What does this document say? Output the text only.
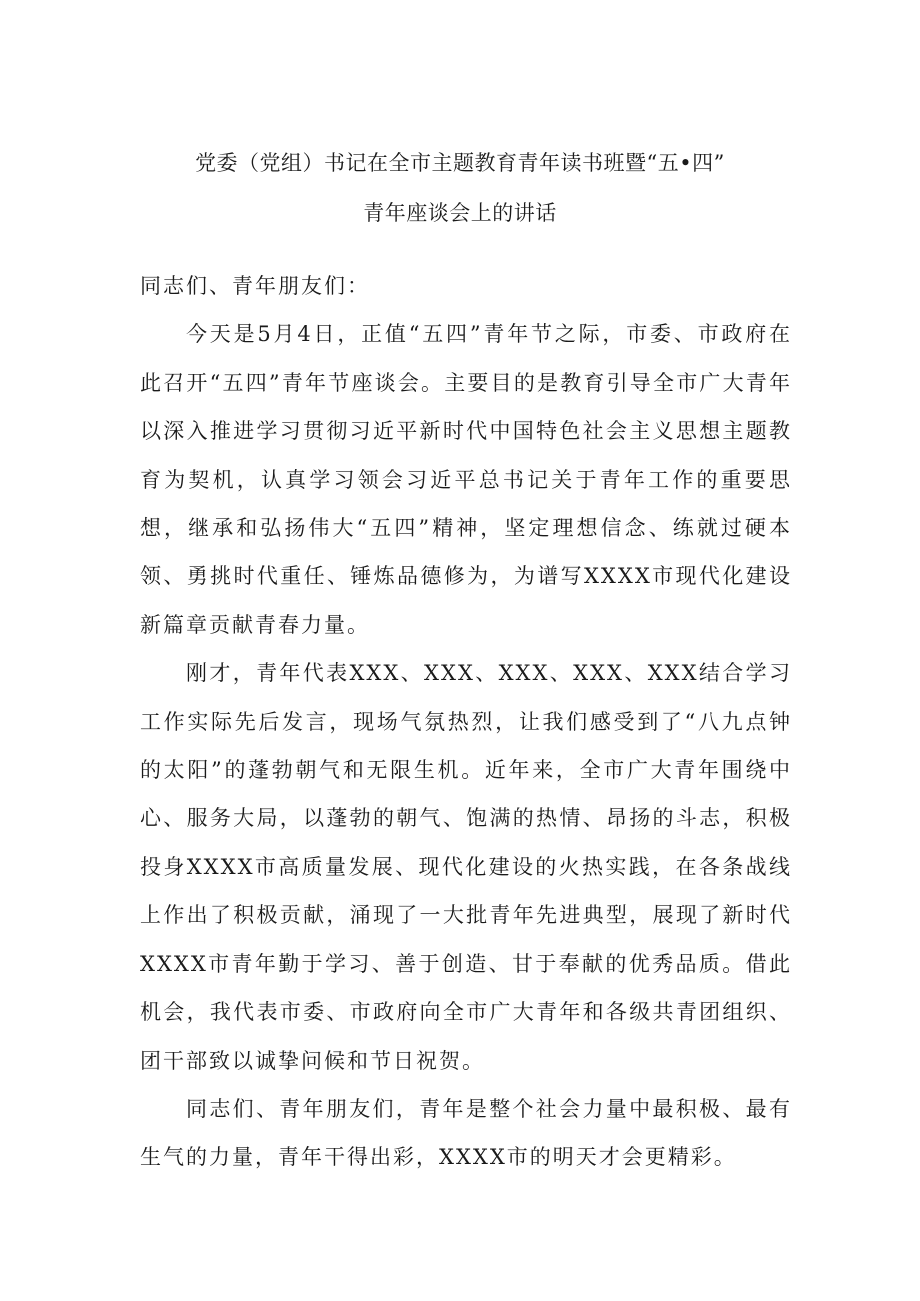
党委（党组）书记在全市主题教育青年读书班暨“五•四”
青年座谈会上的讲话

同志们、青年朋友们：

今天是5月4日，正值“五四”青年节之际，市委、市政府在此召开“五四”青年节座谈会。主要目的是教育引导全市广大青年以深入推进学习贯彻习近平新时代中国特色社会主义思想主题教育为契机，认真学习领会习近平总书记关于青年工作的重要思想，继承和弘扬伟大“五四”精神，坚定理想信念、练就过硬本领、勇挑时代重任、锤炼品德修为，为谱写XXXX市现代化建设新篇章贡献青春力量。

刚才，青年代表XXX、XXX、XXX、XXX、XXX结合学习工作实际先后发言，现场气氛热烈，让我们感受到了“八九点钟的太阳”的蓬勃朝气和无限生机。近年来，全市广大青年围绕中心、服务大局，以蓬勃的朝气、饱满的热情、昂扬的斗志，积极投身XXXX市高质量发展、现代化建设的火热实践，在各条战线上作出了积极贡献，涌现了一大批青年先进典型，展现了新时代XXXX市青年勤于学习、善于创造、甘于奉献的优秀品质。借此机会，我代表市委、市政府向全市广大青年和各级共青团组织、团干部致以诚挚问候和节日祝贺。

同志们、青年朋友们，青年是整个社会力量中最积极、最有生气的力量，青年干得出彩，XXXX市的明天才会更精彩。
